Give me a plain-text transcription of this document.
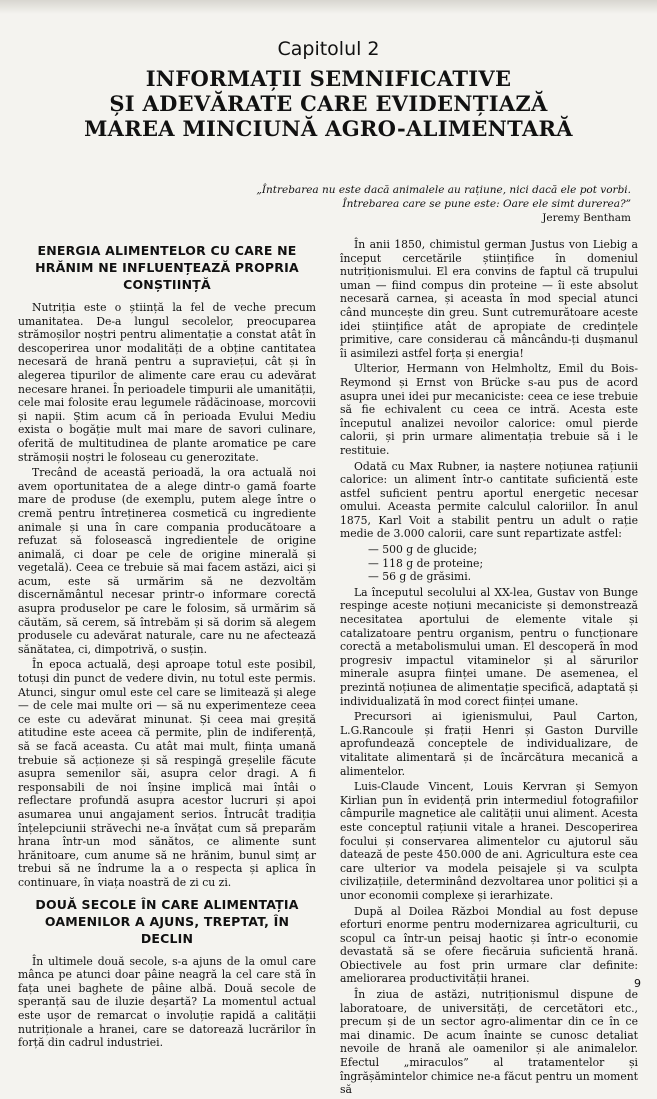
Capitolul 2
INFORMAȚII SEMNIFICATIVE
ȘI ADEVĂRATE CARE EVIDENȚIAZĂ
MAREA MINCIUNĂ AGRO-ALIMENTARĂ
„Întrebarea nu este dacă animalele au rațiune, nici dacă ele pot vorbi.
Întrebarea care se pune este: Oare ele simt durerea?”
Jeremy Bentham
ENERGIA ALIMENTELOR CU CARE NE HRĂNIM NE INFLUENȚEAZĂ PROPRIA CONȘTIINȚĂ

Nutriția este o știință la fel de veche precum umanitatea. De-a lungul secolelor, preocuparea strămoșilor noștri pentru alimentație a constat atât în descoperirea unor modalități de a obține cantitatea necesară de hrană pentru a supraviețui, cât și în alegerea tipurilor de alimente care erau cu adevărat necesare hranei. În perioadele timpurii ale umanității, cele mai folosite erau legumele rădăcinoase, morcovii și napii. Știm acum că în perioada Evului Mediu exista o bogăție mult mai mare de savori culinare, oferită de multitudinea de plante aromatice pe care strămoșii noștri le foloseau cu generozitate.

Trecând de această perioadă, la ora actuală noi avem oportunitatea de a alege dintr-o gamă foarte mare de produse (de exemplu, putem alege între o cremă pentru întreținerea cosmetică cu ingrediente animale și una în care compania producătoare a refuzat să folosească ingredientele de origine animală, ci doar pe cele de origine minerală și vegetală). Ceea ce trebuie să mai facem astăzi, aici și acum, este să urmărim să ne dezvoltăm discernământul necesar printr-o informare corectă asupra produselor pe care le folosim, să urmărim să căutăm, să cerem, să întrebăm și să dorim să alegem produsele cu adevărat naturale, care nu ne afectează sănătatea, ci, dimpotrivă, o susțin.

În epoca actuală, deși aproape totul este posibil, totuși din punct de vedere divin, nu totul este permis. Atunci, singur omul este cel care se limitează și alege — de cele mai multe ori — să nu experimenteze ceea ce este cu adevărat minunat. Și ceea mai greșită atitudine este aceea că permite, plin de indiferență, să se facă aceasta. Cu atât mai mult, ființa umană trebuie să acționeze și să respingă greșelile făcute asupra semenilor săi, asupra celor dragi. A fi responsabili de noi înșine implică mai întâi o reflectare profundă asupra acestor lucruri și apoi asumarea unui angajament serios. Întrucât tradiția înțelepciunii străvechi ne-a învățat cum să preparăm hrana într-un mod sănătos, ce alimente sunt hrănitoare, cum anume să ne hrănim, bunul simț ar trebui să ne îndrume la a o respecta și aplica în continuare, în viața noastră de zi cu zi.

DOUĂ SECOLE ÎN CARE ALIMENTAȚIA OAMENILOR A AJUNS, TREPTAT, ÎN DECLIN

În ultimele două secole, s-a ajuns de la omul care mânca pe atunci doar pâine neagră la cel care stă în fața unei baghete de pâine albă. Două secole de speranță sau de iluzie deșartă? La momentul actual este ușor de remarcat o involuție rapidă a calității nutriționale a hranei, care se datorează lucrărilor în forță din cadrul industriei.

În anii 1850, chimistul german Justus von Liebig a început cercetările științifice în domeniul nutriționismului. El era convins de faptul că trupului uman — fiind compus din proteine — îi este absolut necesară carnea, și aceasta în mod special atunci când muncește din greu. Sunt cutremurătoare aceste idei științifice atât de apropiate de credințele primitive, care considerau că mâncându-ți dușmanul îi asimilezi astfel forța și energia!

Ulterior, Hermann von Helmholtz, Emil du Bois-Reymond și Ernst von Brücke s-au pus de acord asupra unei idei pur mecaniciste: ceea ce iese trebuie să fie echivalent cu ceea ce intră. Acesta este începutul analizei nevoilor calorice: omul pierde calorii, și prin urmare alimentația trebuie să i le restituie.

Odată cu Max Rubner, ia naștere noțiunea rațiunii calorice: un aliment într-o cantitate suficientă este astfel suficient pentru aportul energetic necesar omului. Aceasta permite calculul caloriilor. În anul 1875, Karl Voit a stabilit pentru un adult o rație medie de 3.000 calorii, care sunt repartizate astfel:

— 500 g de glucide;
— 118 g de proteine;
— 56 g de grăsimi.

La începutul secolului al XX-lea, Gustav von Bunge respinge aceste noțiuni mecaniciste și demonstrează necesitatea aportului de elemente vitale și catalizatoare pentru organism, pentru o funcționare corectă a metabolismului uman. El descoperă în mod progresiv impactul vitaminelor și al sărurilor minerale asupra ființei umane. De asemenea, el prezintă noțiunea de alimentație specifică, adaptată și individualizată în mod corect ființei umane.

Precursori ai igienismului, Paul Carton, L.G.Rancoule și frații Henri și Gaston Durville aprofundează conceptele de individualizare, de vitalitate alimentară și de încărcătura mecanică a alimentelor.

Luis-Claude Vincent, Louis Kervran și Semyon Kirlian pun în evidență prin intermediul fotografiilor câmpurile magnetice ale calității unui aliment. Acesta este conceptul rațiunii vitale a hranei. Descoperirea focului și conservarea alimentelor cu ajutorul său datează de peste 450.000 de ani. Agricultura este cea care ulterior va modela peisajele și va sculpta civilizațiile, determinând dezvoltarea unor politici și a unor economii complexe și ierarhizate.

După al Doilea Război Mondial au fost depuse eforturi enorme pentru modernizarea agriculturii, cu scopul ca într-un peisaj haotic și într-o economie devastată să se ofere fiecăruia suficientă hrană. Obiectivele au fost prin urmare clar definite: ameliorarea productivității hranei.

În ziua de astăzi, nutriționismul dispune de laboratoare, de universități, de cercetători etc., precum și de un sector agro-alimentar din ce în ce mai dinamic. De acum înainte se cunosc detaliat nevoile de hrană ale oamenilor și ale animalelor. Efectul „miraculos” al tratamentelor și îngrășămintelor chimice ne-a făcut pentru un moment să

9
